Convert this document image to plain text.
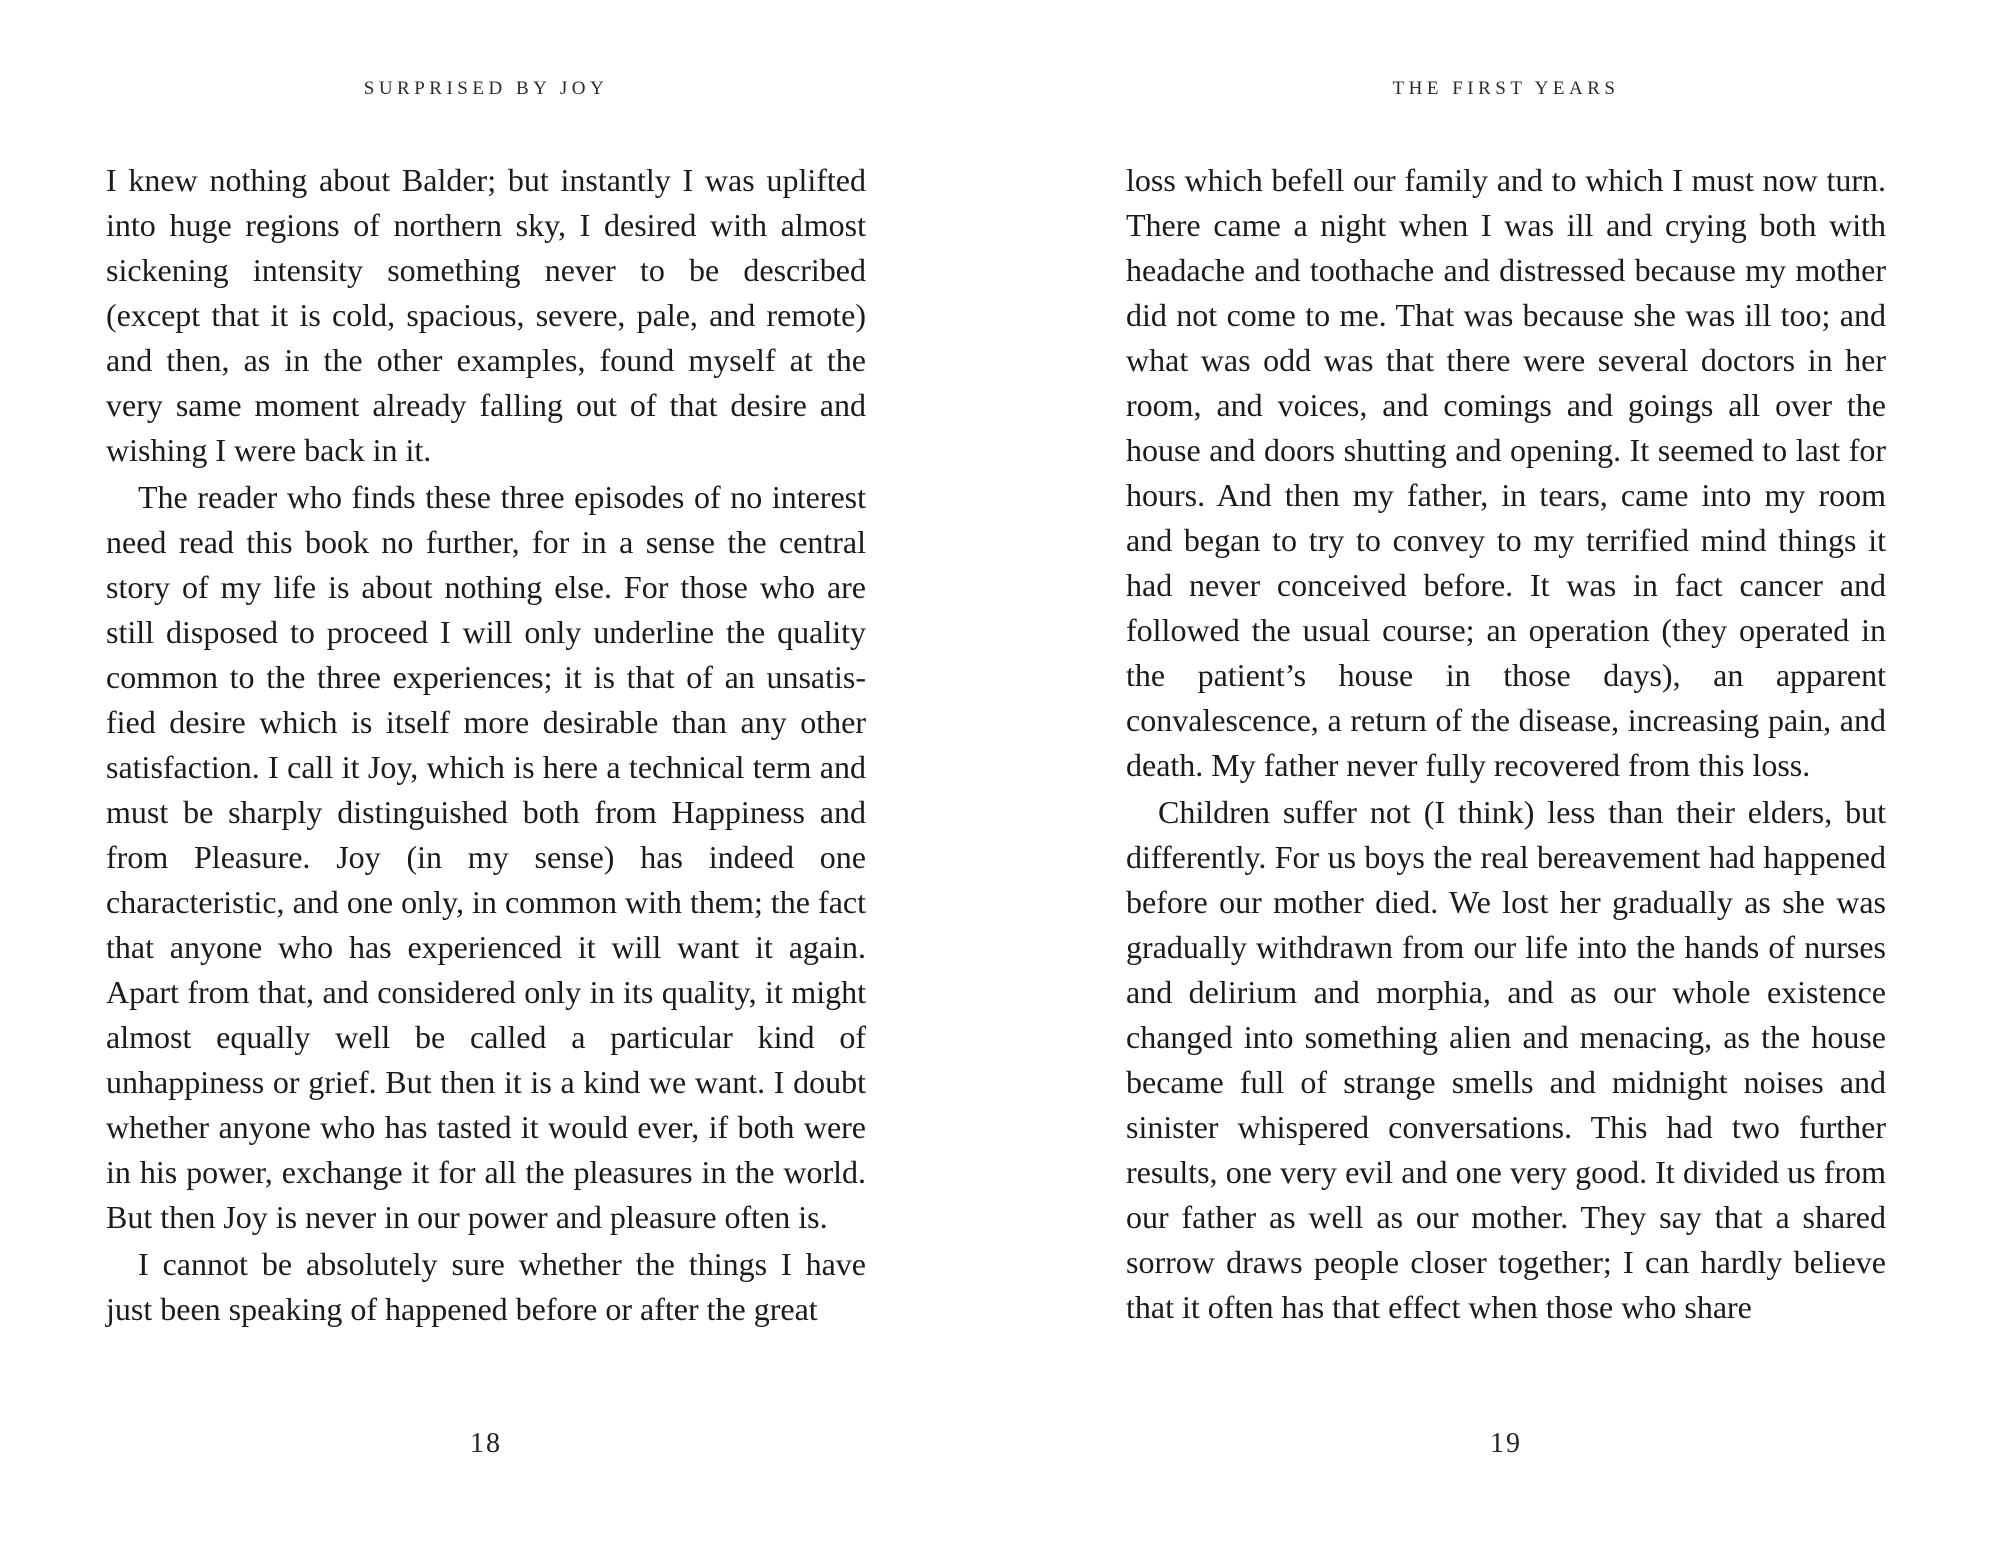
SURPRISED BY JOY

I knew nothing about Balder; but instantly I was uplifted into huge regions of northern sky, I desired with almost sickening intensity something never to be described (except that it is cold, spacious, severe, pale, and remote) and then, as in the other examples, found myself at the very same moment already falling out of that desire and wishing I were back in it.

The reader who finds these three episodes of no interest need read this book no further, for in a sense the central story of my life is about nothing else. For those who are still disposed to proceed I will only underline the quality common to the three experiences; it is that of an unsatisfied desire which is itself more desirable than any other satisfaction. I call it Joy, which is here a technical term and must be sharply distinguished both from Happiness and from Pleasure. Joy (in my sense) has indeed one characteristic, and one only, in common with them; the fact that anyone who has experienced it will want it again. Apart from that, and considered only in its quality, it might almost equally well be called a particular kind of unhappiness or grief. But then it is a kind we want. I doubt whether anyone who has tasted it would ever, if both were in his power, exchange it for all the pleasures in the world. But then Joy is never in our power and pleasure often is.

I cannot be absolutely sure whether the things I have just been speaking of happened before or after the great

18
THE FIRST YEARS

loss which befell our family and to which I must now turn. There came a night when I was ill and crying both with headache and toothache and distressed because my mother did not come to me. That was because she was ill too; and what was odd was that there were several doctors in her room, and voices, and comings and goings all over the house and doors shutting and opening. It seemed to last for hours. And then my father, in tears, came into my room and began to try to convey to my terrified mind things it had never conceived before. It was in fact cancer and followed the usual course; an operation (they operated in the patient’s house in those days), an apparent convalescence, a return of the disease, increasing pain, and death. My father never fully recovered from this loss.

Children suffer not (I think) less than their elders, but differently. For us boys the real bereavement had happened before our mother died. We lost her gradually as she was gradually withdrawn from our life into the hands of nurses and delirium and morphia, and as our whole existence changed into something alien and menacing, as the house became full of strange smells and midnight noises and sinister whispered conversations. This had two further results, one very evil and one very good. It divided us from our father as well as our mother. They say that a shared sorrow draws people closer together; I can hardly believe that it often has that effect when those who share

19
